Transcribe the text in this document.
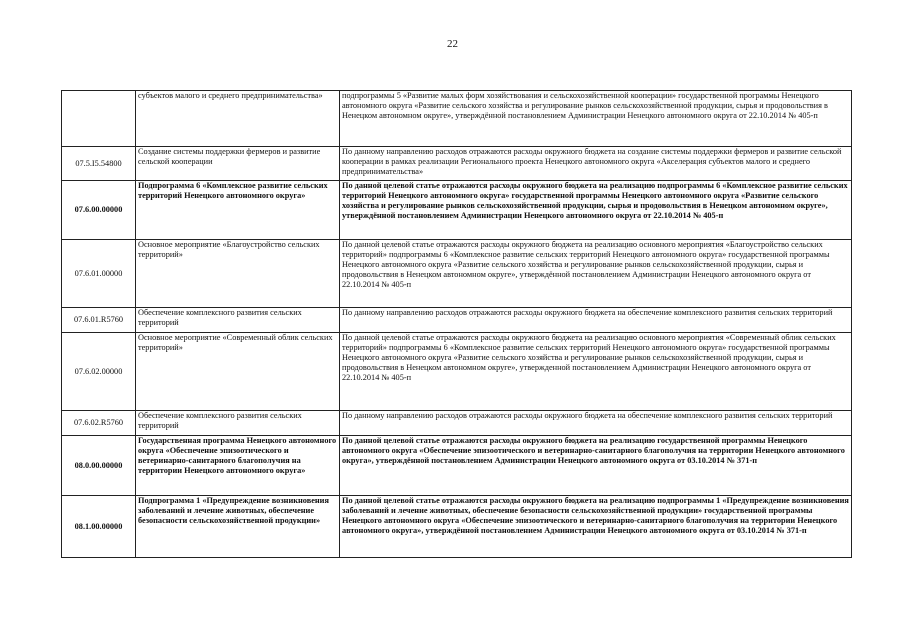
22
	субъектов малого и среднего предпринимательства»	подпрограммы 5 «Развитие малых форм хозяйствования и сельскохозяйственной кооперации» государственной программы Ненецкого автономного округа «Развитие сельского хозяйства и регулирование рынков сельскохозяйственной продукции, сырья и продовольствия в Ненецком автономном округе», утверждённой постановлением Администрации Ненецкого автономного округа от 22.10.2014 № 405-п
07.5.I5.54800	Создание системы поддержки фермеров и развитие сельской кооперации	По данному направлению расходов отражаются расходы окружного бюджета на создание системы поддержки фермеров и развитие сельской кооперации в рамках реализации Регионального проекта Ненецкого автономного округа «Акселерация субъектов малого и среднего предпринимательства»
07.6.00.00000	Подпрограмма 6 «Комплексное развитие сельских территорий Ненецкого автономного округа»	По данной целевой статье отражаются расходы окружного бюджета на реализацию подпрограммы 6 «Комплексное развитие сельских территорий Ненецкого автономного округа» государственной программы Ненецкого автономного округа «Развитие сельского хозяйства и регулирование рынков сельскохозяйственной продукции, сырья и продовольствия в Ненецком автономном округе», утверждённой постановлением Администрации Ненецкого автономного округа от 22.10.2014 № 405-п
07.6.01.00000	Основное мероприятие «Благоустройство сельских территорий»	По данной целевой статье отражаются расходы окружного бюджета на реализацию основного мероприятия «Благоустройство сельских территорий» подпрограммы 6 «Комплексное развитие сельских территорий Ненецкого автономного округа» государственной программы Ненецкого автономного округа «Развитие сельского хозяйства и регулирование рынков сельскохозяйственной продукции, сырья и продовольствия в Ненецком автономном округе», утверждённой постановлением Администрации Ненецкого автономного округа от 22.10.2014 № 405-п
07.6.01.R5760	Обеспечение комплексного развития сельских территорий	По данному направлению расходов отражаются расходы окружного бюджета на обеспечение комплексного развития сельских территорий
07.6.02.00000	Основное мероприятие «Современный облик сельских территорий»	По данной целевой статье отражаются расходы окружного бюджета на реализацию основного мероприятия «Современный облик сельских территорий» подпрограммы 6 «Комплексное развитие сельских территорий Ненецкого автономного округа» государственной программы Ненецкого автономного округа «Развитие сельского хозяйства и регулирование рынков сельскохозяйственной продукции, сырья и продовольствия в Ненецком автономном округе», утвержденной постановлением Администрации Ненецкого автономного округа от 22.10.2014 № 405-п
07.6.02.R5760	Обеспечение комплексного развития сельских территорий	По данному направлению расходов отражаются расходы окружного бюджета на обеспечение комплексного развития сельских территорий
08.0.00.00000	Государственная программа Ненецкого автономного округа «Обеспечение эпизоотического и ветеринарно-санитарного благополучия на территории Ненецкого автономного округа»	По данной целевой статье отражаются расходы окружного бюджета на реализацию государственной программы Ненецкого автономного округа «Обеспечение эпизоотического и ветеринарно-санитарного благополучия на территории Ненецкого автономного округа», утверждённой постановлением Администрации Ненецкого автономного округа от 03.10.2014 № 371-п
08.1.00.00000	Подпрограмма 1 «Предупреждение возникновения заболеваний и лечение животных, обеспечение безопасности сельскохозяйственной продукции»	По данной целевой статье отражаются расходы окружного бюджета на реализацию подпрограммы 1 «Предупреждение возникновения заболеваний и лечение животных, обеспечение безопасности сельскохозяйственной продукции» государственной программы Ненецкого автономного округа «Обеспечение эпизоотического и ветеринарно-санитарного благополучия на территории Ненецкого автономного округа», утверждённой постановлением Администрации Ненецкого автономного округа от 03.10.2014 № 371-п
